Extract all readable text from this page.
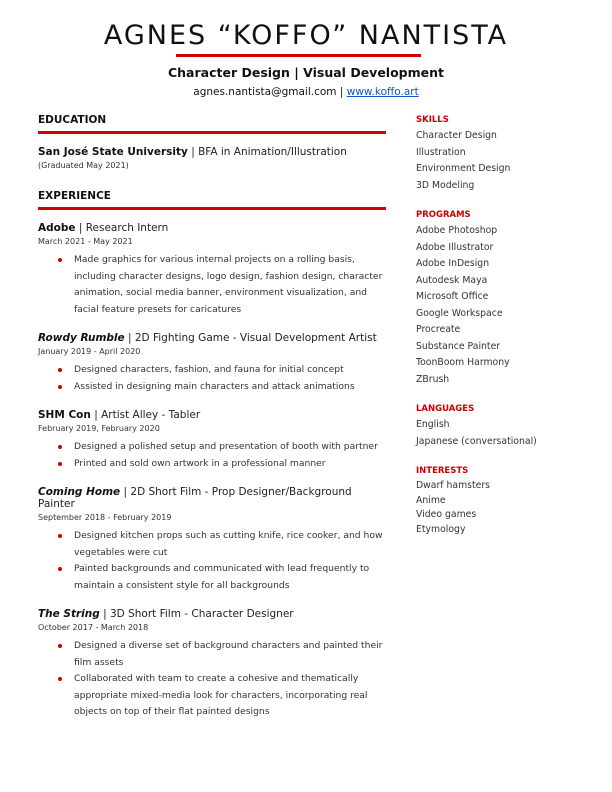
AGNES “KOFFO” NANTISTA
Character Design | Visual Development
agnes.nantista@gmail.com | www.koffo.art
EDUCATION
San José State University | BFA in Animation/Illustration
(Graduated May 2021)
EXPERIENCE
Adobe | Research Intern
March 2021 - May 2021
Made graphics for various internal projects on a rolling basis, including character designs, logo design, fashion design, character animation, social media banner, environment visualization, and facial feature presets for caricatures
Rowdy Rumble | 2D Fighting Game - Visual Development Artist
January 2019 - April 2020
Designed characters, fashion, and fauna for initial concept
Assisted in designing main characters and attack animations
SHM Con | Artist Alley - Tabler
February 2019, February 2020
Designed a polished setup and presentation of booth with partner
Printed and sold own artwork in a professional manner
Coming Home | 2D Short Film - Prop Designer/Background Painter
September 2018 - February 2019
Designed kitchen props such as cutting knife, rice cooker, and how vegetables were cut
Painted backgrounds and communicated with lead frequently to maintain a consistent style for all backgrounds
The String | 3D Short Film - Character Designer
October 2017 - March 2018
Designed a diverse set of background characters and painted their film assets
Collaborated with team to create a cohesive and thematically appropriate mixed-media look for characters, incorporating real objects on top of their flat painted designs
SKILLS
Character Design
Illustration
Environment Design
3D Modeling
PROGRAMS
Adobe Photoshop
Adobe Illustrator
Adobe InDesign
Autodesk Maya
Microsoft Office
Google Workspace
Procreate
Substance Painter
ToonBoom Harmony
ZBrush
LANGUAGES
English
Japanese (conversational)
INTERESTS
Dwarf hamsters
Anime
Video games
Etymology
